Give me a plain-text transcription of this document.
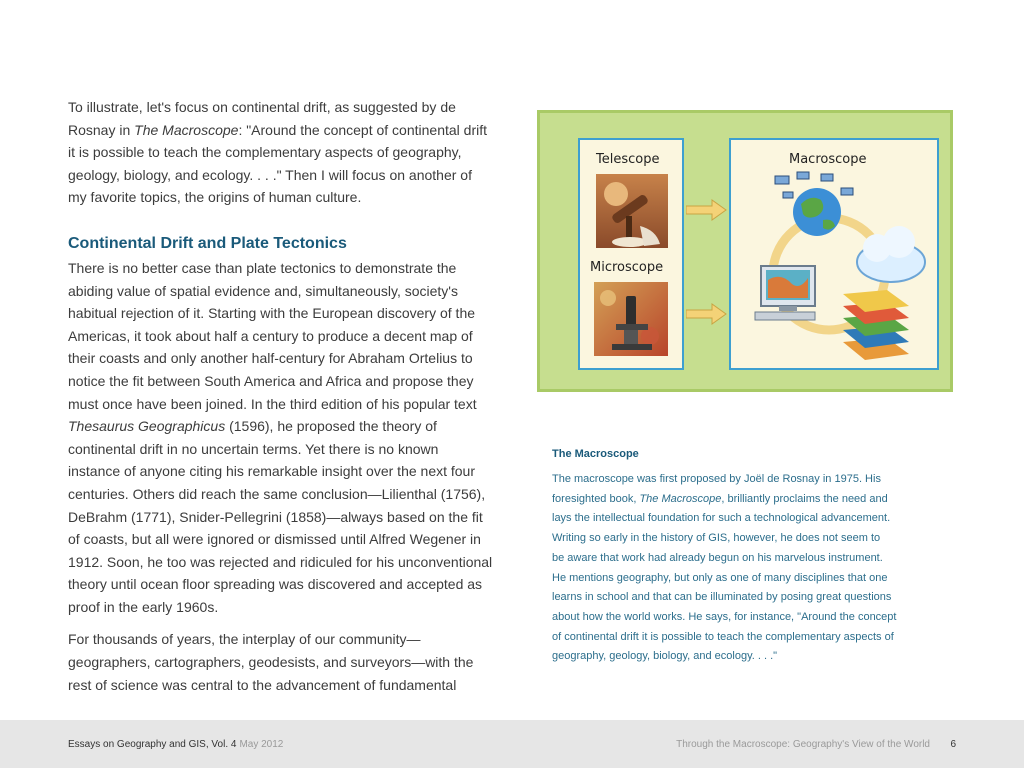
To illustrate, let's focus on continental drift, as suggested by de Rosnay in The Macroscope: "Around the concept of continental drift it is possible to teach the complementary aspects of geography, geology, biology, and ecology. . . ." Then I will focus on another of my favorite topics, the origins of human culture.

Continental Drift and Plate Tectonics

There is no better case than plate tectonics to demonstrate the abiding value of spatial evidence and, simultaneously, society's habitual rejection of it. Starting with the European discovery of the Americas, it took about half a century to produce a decent map of their coasts and only another half-century for Abraham Ortelius to notice the fit between South America and Africa and propose they must once have been joined. In the third edition of his popular text Thesaurus Geographicus (1596), he proposed the theory of continental drift in no uncertain terms. Yet there is no known instance of anyone citing his remarkable insight over the next four centuries. Others did reach the same conclusion—Lilienthal (1756), DeBrahm (1771), Snider-Pellegrini (1858)—always based on the fit of coasts, but all were ignored or dismissed until Alfred Wegener in 1912. Soon, he too was rejected and ridiculed for his unconventional theory until ocean floor spreading was discovered and accepted as proof in the early 1960s.

For thousands of years, the interplay of our community—geographers, cartographers, geodesists, and surveyors—with the rest of science was central to the advancement of fundamental

Telescope
Microscope
Macroscope

The Macroscope

The macroscope was first proposed by Joël de Rosnay in 1975. His

foresighted book, The Macroscope, brilliantly proclaims the need and

lays the intellectual foundation for such a technological advancement.

Writing so early in the history of GIS, however, he does not seem to

be aware that work had already begun on his marvelous instrument.

He mentions geography, but only as one of many disciplines that one

learns in school and that can be illuminated by posing great questions

about how the world works. He says, for instance, "Around the concept

of continental drift it is possible to teach the complementary aspects of

geography, geology, biology, and ecology. . . ."

Essays on Geography and GIS, Vol. 4 May 2012	Through the Macroscope: Geography's View of the World 6
